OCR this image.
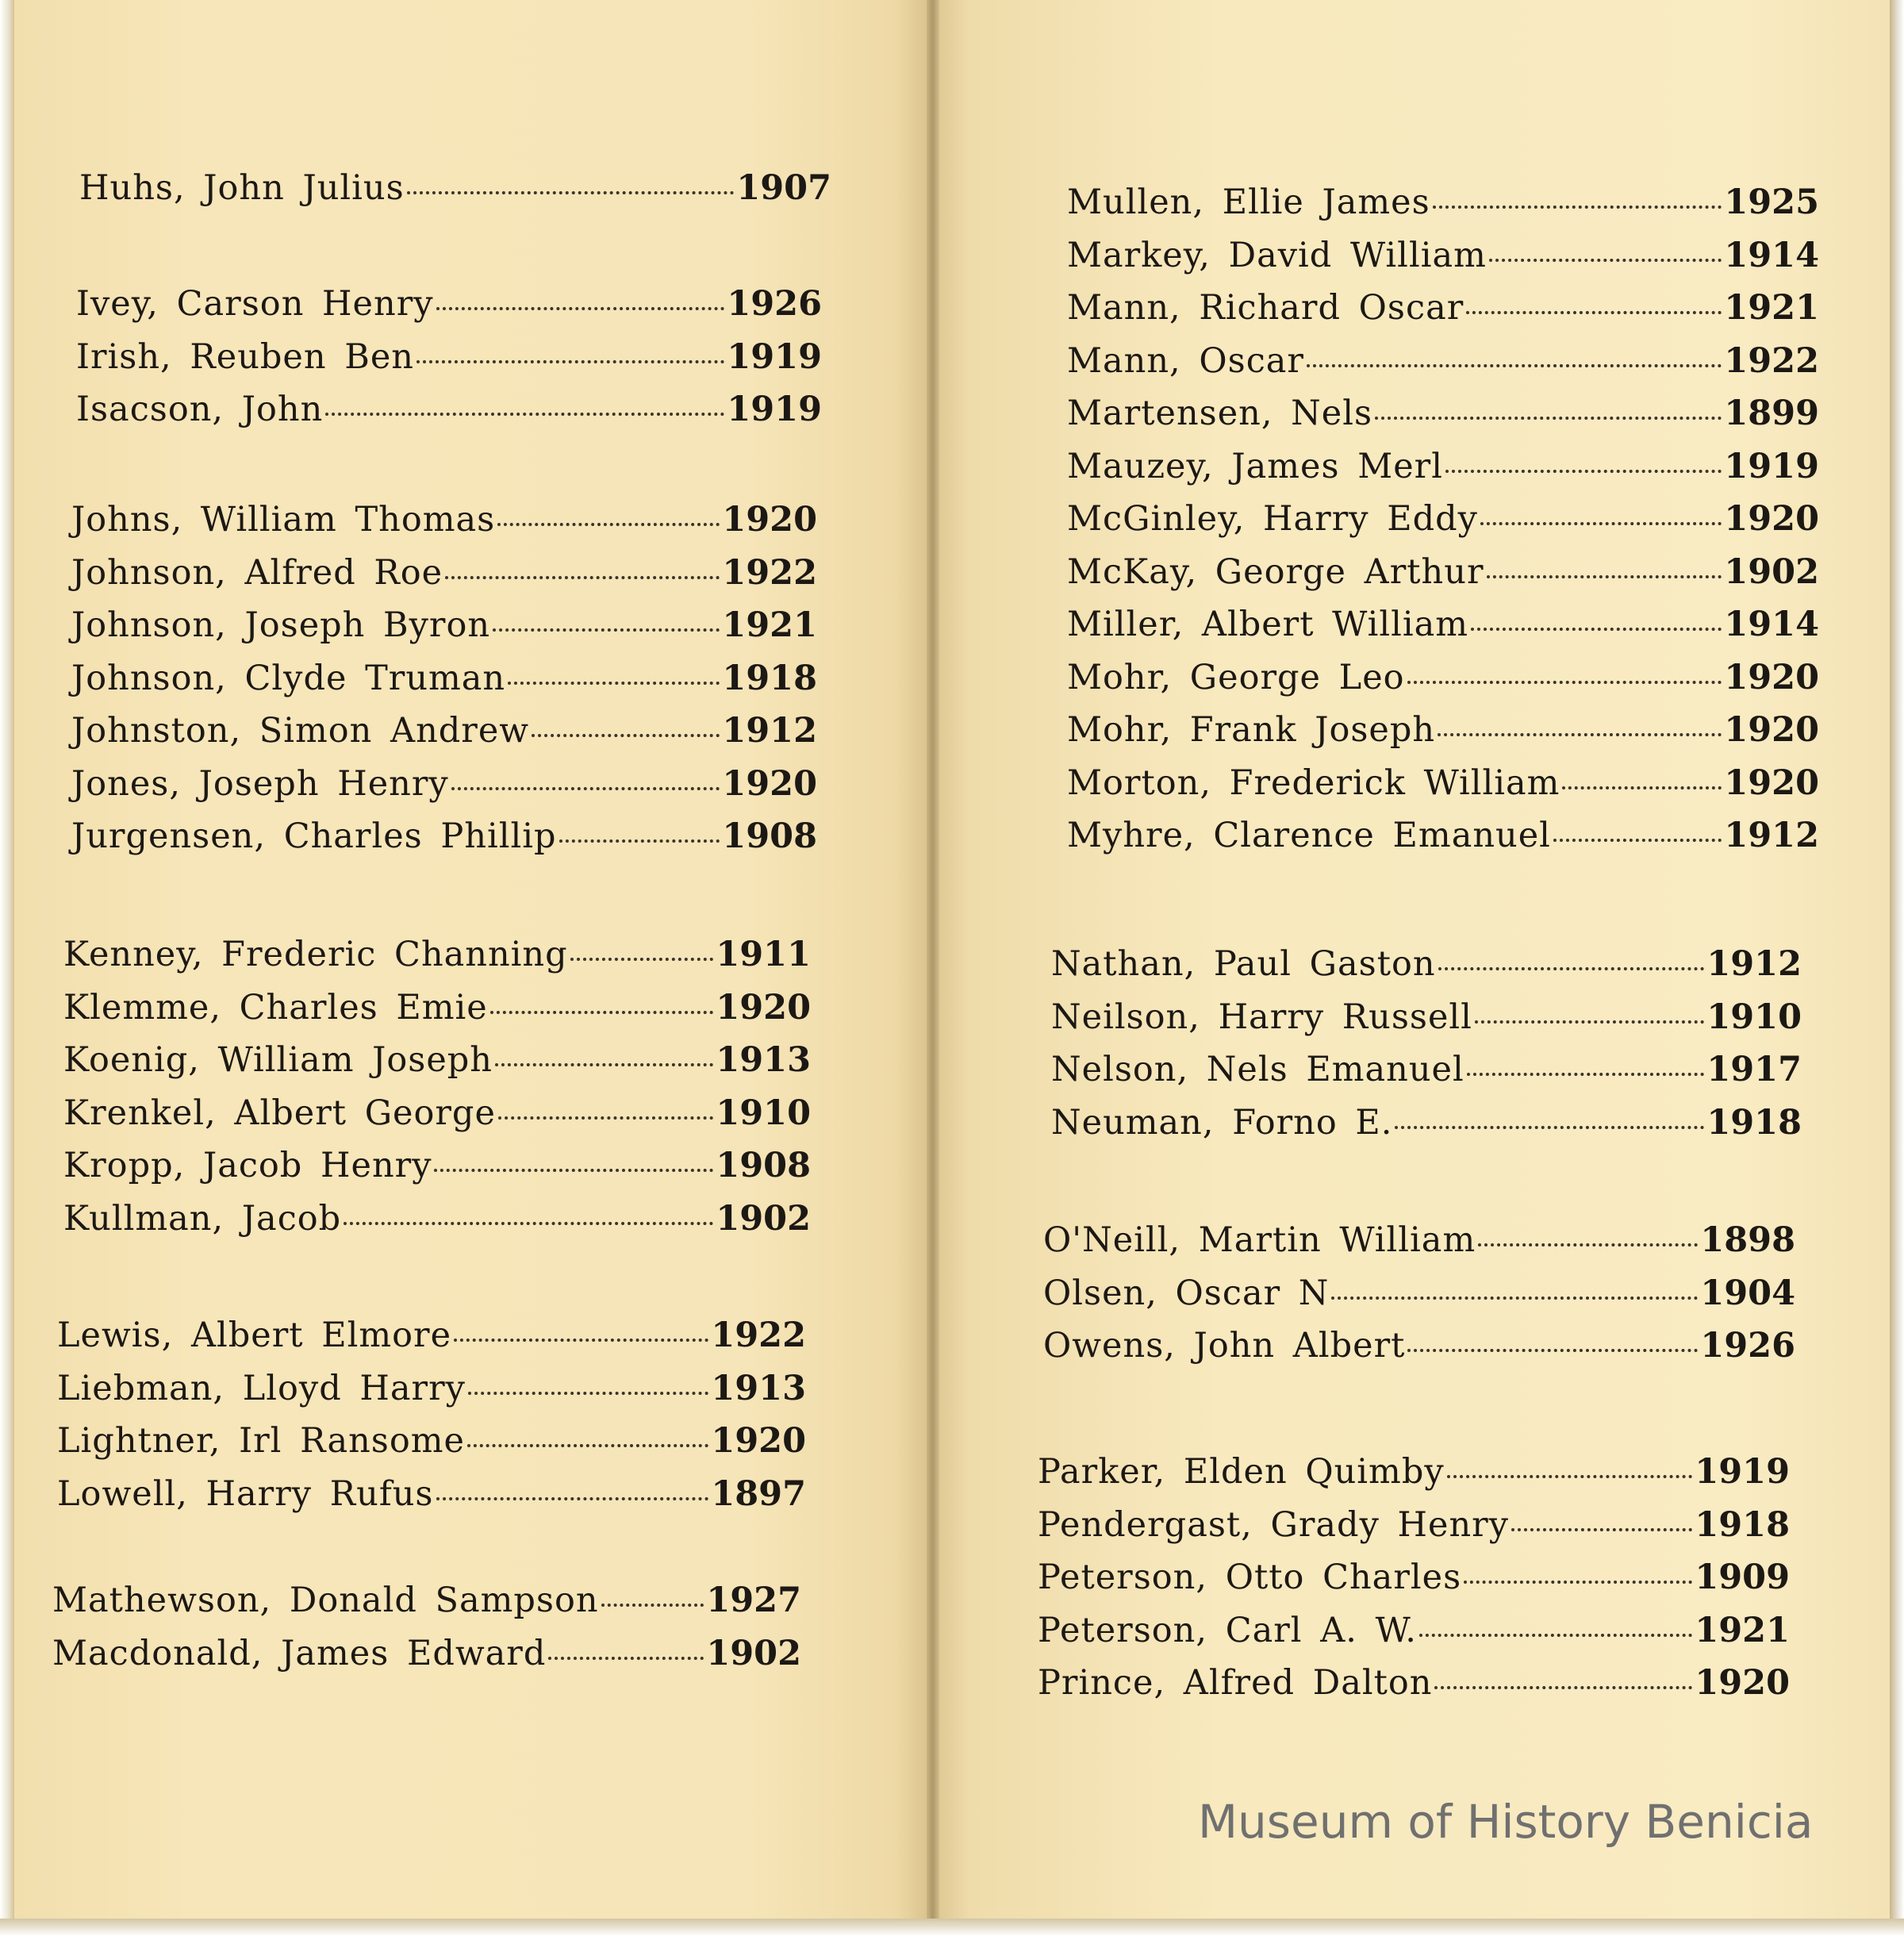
Huhs, John Julius	1907
Ivey, Carson Henry	1926
Irish, Reuben Ben	1919
Isacson, John	1919
Johns, William Thomas	1920
Johnson, Alfred Roe	1922
Johnson, Joseph Byron	1921
Johnson, Clyde Truman	1918
Johnston, Simon Andrew	1912
Jones, Joseph Henry	1920
Jurgensen, Charles Phillip	1908
Kenney, Frederic Channing	1911
Klemme, Charles Emie	1920
Koenig, William Joseph	1913
Krenkel, Albert George	1910
Kropp, Jacob Henry	1908
Kullman, Jacob	1902
Lewis, Albert Elmore	1922
Liebman, Lloyd Harry	1913
Lightner, Irl Ransome	1920
Lowell, Harry Rufus	1897
Mathewson, Donald Sampson	1927
Macdonald, James Edward	1902
Mullen, Ellie James	1925
Markey, David William	1914
Mann, Richard Oscar	1921
Mann, Oscar	1922
Martensen, Nels	1899
Mauzey, James Merl	1919
McGinley, Harry Eddy	1920
McKay, George Arthur	1902
Miller, Albert William	1914
Mohr, George Leo	1920
Mohr, Frank Joseph	1920
Morton, Frederick William	1920
Myhre, Clarence Emanuel	1912
Nathan, Paul Gaston	1912
Neilson, Harry Russell	1910
Nelson, Nels Emanuel	1917
Neuman, Forno E.	1918
O'Neill, Martin William	1898
Olsen, Oscar N	1904
Owens, John Albert	1926
Parker, Elden Quimby	1919
Pendergast, Grady Henry	1918
Peterson, Otto Charles	1909
Peterson, Carl A. W.	1921
Prince, Alfred Dalton	1920
Museum of History Benicia
